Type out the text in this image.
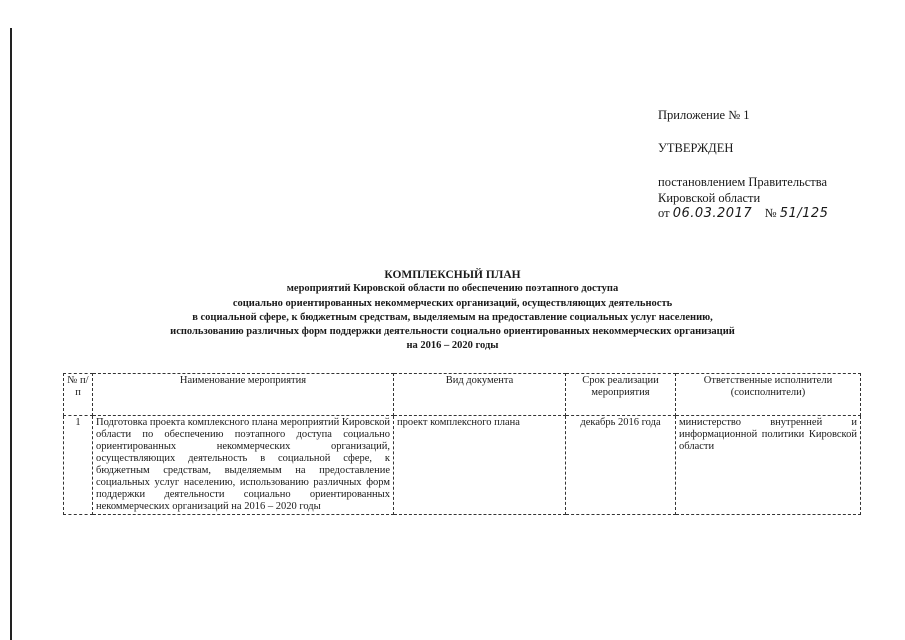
Приложение № 1
УТВЕРЖДЕН
постановлением Правительства
Кировской области
от 06.03.2017 № 51/125
КОМПЛЕКСНЫЙ ПЛАН
мероприятий Кировской области по обеспечению поэтапного доступа
социально ориентированных некоммерческих организаций, осуществляющих деятельность
в социальной сфере, к бюджетным средствам, выделяемым на предоставление социальных услуг населению,
использованию различных форм поддержки деятельности социально ориентированных некоммерческих организаций
на 2016 – 2020 годы
№ п/п	Наименование мероприятия	Вид документа	Срок реализации мероприятия	Ответственные исполнители (соисполнители)
1	Подготовка проекта комплексного плана мероприятий Кировской области по обеспечению поэтапного доступа социально ориентированных некоммерческих организаций, осуществляющих деятельность в социальной сфере, к бюджетным средствам, выделяемым на предоставление социальных услуг населению, использованию различных форм поддержки деятельности социально ориентированных некоммерческих организаций на 2016 – 2020 годы	проект комплексного плана	декабрь 2016 года	министерство внутренней и информационной политики Кировской области
